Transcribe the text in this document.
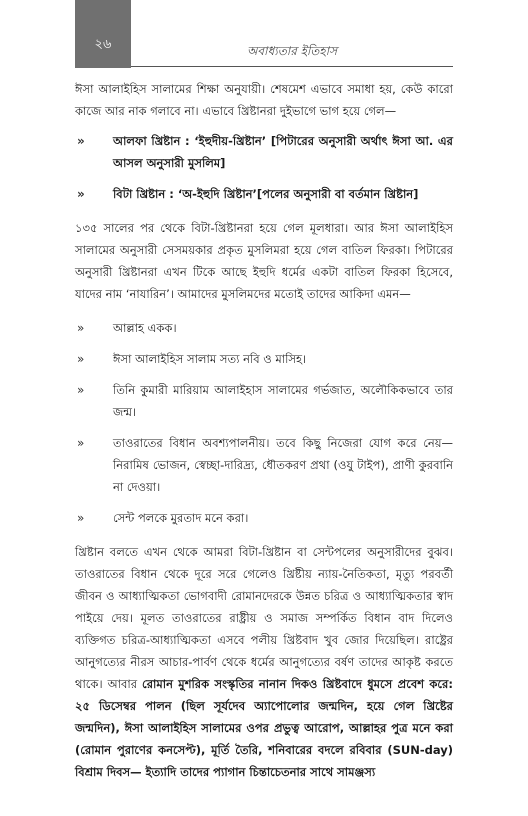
২৬	অবাধ্যতার ইতিহাস

ঈসা আলাইহিস সালামের শিক্ষা অনুযায়ী। শেষমেশ এভাবে সমাধা হয়, কেউ কারো কাজে আর নাক গলাবে না। এভাবে খ্রিষ্টানরা দুইভাগে ভাগ হয়ে গেল—

» আলফা খ্রিষ্টান : ‘ইহুদীয়-খ্রিষ্টান’ [পিটারের অনুসারী অর্থাৎ ঈসা আ. এর আসল অনুসারী মুসলিম]
» বিটা খ্রিষ্টান : ‘অ-ইহুদি খ্রিষ্টান’[পলের অনুসারী বা বর্তমান খ্রিষ্টান]

১৩৫ সালের পর থেকে বিটা-খ্রিষ্টানরা হয়ে গেল মূলধারা। আর ঈসা আলাইহিস সালামের অনুসারী সেসময়কার প্রকৃত মুসলিমরা হয়ে গেল বাতিল ফিরকা। পিটারের অনুসারী খ্রিষ্টানরা এখন টিকে আছে ইহুদি ধর্মের একটা বাতিল ফিরকা হিসেবে, যাদের নাম ‘নাযারিন’। আমাদের মুসলিমদের মতোই তাদের আকিদা এমন—

» আল্লাহ একক।
» ঈসা আলাইহিস সালাম সত্য নবি ও মাসিহ।
» তিনি কুমারী মারিয়াম আলাইহাস সালামের গর্ভজাত, অলৌকিকভাবে তার জন্ম।
» তাওরাতের বিধান অবশ্যপালনীয়। তবে কিছু নিজেরা যোগ করে নেয়— নিরামিষ ভোজন, স্বেচ্ছা-দারিদ্র্য, ধৌতকরণ প্রথা (ওযু টাইপ), প্রাণী কুরবানি না দেওয়া।
» সেন্ট পলকে মুরতাদ মনে করা।

খ্রিষ্টান বলতে এখন থেকে আমরা বিটা-খ্রিষ্টান বা সেন্টপলের অনুসারীদের বুঝব। তাওরাতের বিধান থেকে দূরে সরে গেলেও খ্রিষ্টীয় ন্যায়-নৈতিকতা, মৃত্যু পরবর্তী জীবন ও আধ্যাত্মিকতা ভোগবাদী রোমানদেরকে উন্নত চরিত্র ও আধ্যাত্মিকতার স্বাদ পাইয়ে দেয়। মূলত তাওরাতের রাষ্ট্রীয় ও সমাজ সম্পর্কিত বিধান বাদ দিলেও ব্যক্তিগত চরিত্র-আধ্যাত্মিকতা এসবে পলীয় খ্রিষ্টবাদ খুব জোর দিয়েছিল। রাষ্ট্রের আনুগত্যের নীরস আচার-পার্বণ থেকে ধর্মের আনুগত্যের বর্ষণ তাদের আকৃষ্ট করতে থাকে। আবার রোমান মুশরিক সংস্কৃতির নানান দিকও খ্রিষ্টবাদে ধুমসে প্রবেশ করে: ২৫ ডিসেম্বর পালন (ছিল সূর্যদেব অ্যাপোলোর জন্মদিন, হয়ে গেল খ্রিষ্টের জন্মদিন), ঈসা আলাইহিস সালামের ওপর প্রভুত্ব আরোপ, আল্লাহর পুত্র মনে করা (রোমান পুরাণের কনসেপ্ট), মূর্তি তৈরি, শনিবারের বদলে রবিবার (SUN-day) বিশ্রাম দিবস— ইত্যাদি তাদের প্যাগান চিন্তাচেতনার সাথে সামঞ্জস্য
